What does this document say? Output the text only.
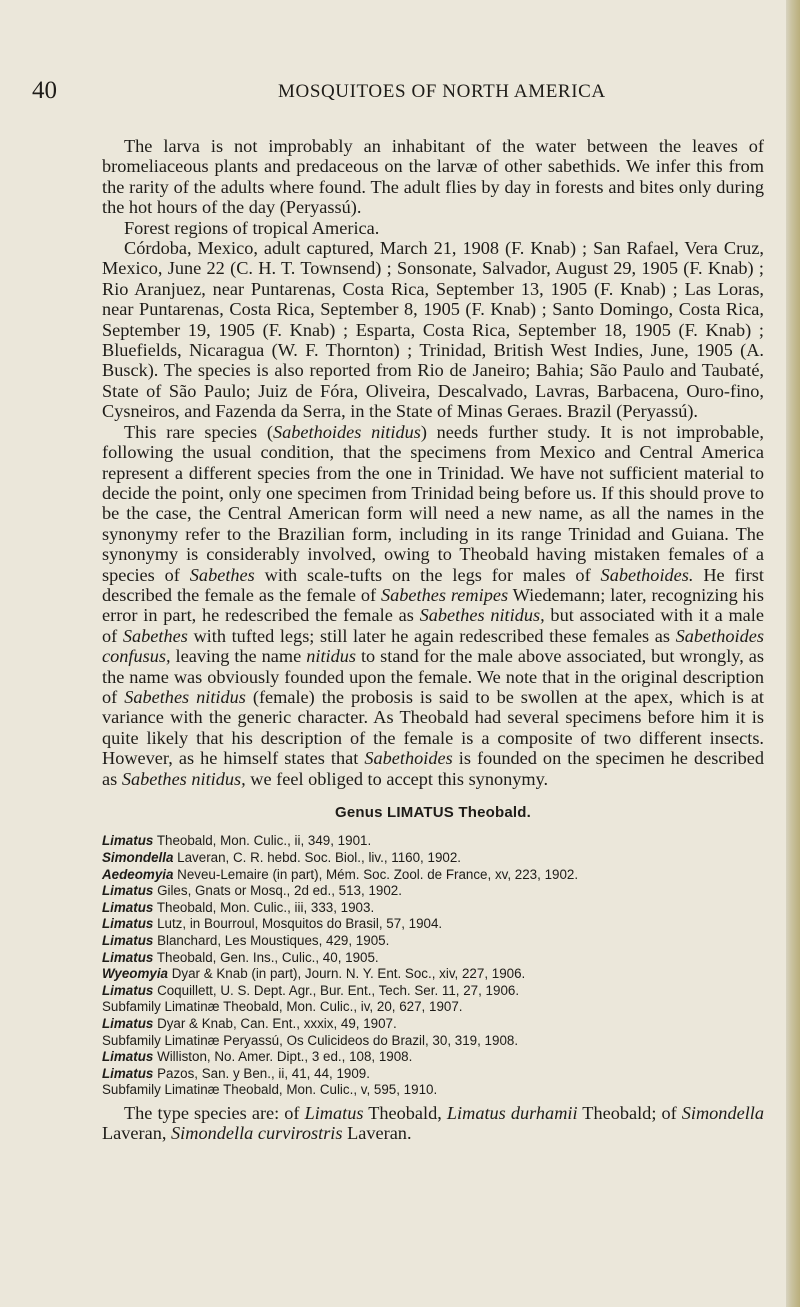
40	MOSQUITOES OF NORTH AMERICA

The larva is not improbably an inhabitant of the water between the leaves of bromeliaceous plants and predaceous on the larvæ of other sabethids. We infer this from the rarity of the adults where found. The adult flies by day in forests and bites only during the hot hours of the day (Peryassú).

Forest regions of tropical America.

Córdoba, Mexico, adult captured, March 21, 1908 (F. Knab) ; San Rafael, Vera Cruz, Mexico, June 22 (C. H. T. Townsend) ; Sonsonate, Salvador, August 29, 1905 (F. Knab) ; Rio Aranjuez, near Puntarenas, Costa Rica, September 13, 1905 (F. Knab) ; Las Loras, near Puntarenas, Costa Rica, September 8, 1905 (F. Knab) ; Santo Domingo, Costa Rica, September 19, 1905 (F. Knab) ; Esparta, Costa Rica, September 18, 1905 (F. Knab) ; Bluefields, Nicaragua (W. F. Thornton) ; Trinidad, British West Indies, June, 1905 (A. Busck). The species is also reported from Rio de Janeiro; Bahia; São Paulo and Taubaté, State of São Paulo; Juiz de Fóra, Oliveira, Descalvado, Lavras, Barbacena, Ouro-fino, Cysneiros, and Fazenda da Serra, in the State of Minas Geraes. Brazil (Peryassú).

This rare species (Sabethoides nitidus) needs further study. It is not improbable, following the usual condition, that the specimens from Mexico and Central America represent a different species from the one in Trinidad. We have not sufficient material to decide the point, only one specimen from Trinidad being before us. If this should prove to be the case, the Central American form will need a new name, as all the names in the synonymy refer to the Brazilian form, including in its range Trinidad and Guiana. The synonymy is considerably involved, owing to Theobald having mistaken females of a species of Sabethes with scale-tufts on the legs for males of Sabethoides. He first described the female as the female of Sabethes remipes Wiedemann; later, recognizing his error in part, he redescribed the female as Sabethes nitidus, but associated with it a male of Sabethes with tufted legs; still later he again redescribed these females as Sabethoides confusus, leaving the name nitidus to stand for the male above associated, but wrongly, as the name was obviously founded upon the female. We note that in the original description of Sabethes nitidus (female) the probosis is said to be swollen at the apex, which is at variance with the generic character. As Theobald had several specimens before him it is quite likely that his description of the female is a composite of two different insects. However, as he himself states that Sabethoides is founded on the specimen he described as Sabethes nitidus, we feel obliged to accept this synonymy.

Genus LIMATUS Theobald.
Limatus Theobald, Mon. Culic., ii, 349, 1901.
Simondella Laveran, C. R. hebd. Soc. Biol., liv., 1160, 1902.
Aedeomyia Neveu-Lemaire (in part), Mém. Soc. Zool. de France, xv, 223, 1902.
Limatus Giles, Gnats or Mosq., 2d ed., 513, 1902.
Limatus Theobald, Mon. Culic., iii, 333, 1903.
Limatus Lutz, in Bourroul, Mosquitos do Brasil, 57, 1904.
Limatus Blanchard, Les Moustiques, 429, 1905.
Limatus Theobald, Gen. Ins., Culic., 40, 1905.
Wyeomyia Dyar & Knab (in part), Journ. N. Y. Ent. Soc., xiv, 227, 1906.
Limatus Coquillett, U. S. Dept. Agr., Bur. Ent., Tech. Ser. 11, 27, 1906.
Subfamily Limatinæ Theobald, Mon. Culic., iv, 20, 627, 1907.
Limatus Dyar & Knab, Can. Ent., xxxix, 49, 1907.
Subfamily Limatinæ Peryassú, Os Culicideos do Brazil, 30, 319, 1908.
Limatus Williston, No. Amer. Dipt., 3 ed., 108, 1908.
Limatus Pazos, San. y Ben., ii, 41, 44, 1909.
Subfamily Limatinæ Theobald, Mon. Culic., v, 595, 1910.

The type species are: of Limatus Theobald, Limatus durhamii Theobald; of Simondella Laveran, Simondella curvirostris Laveran.
